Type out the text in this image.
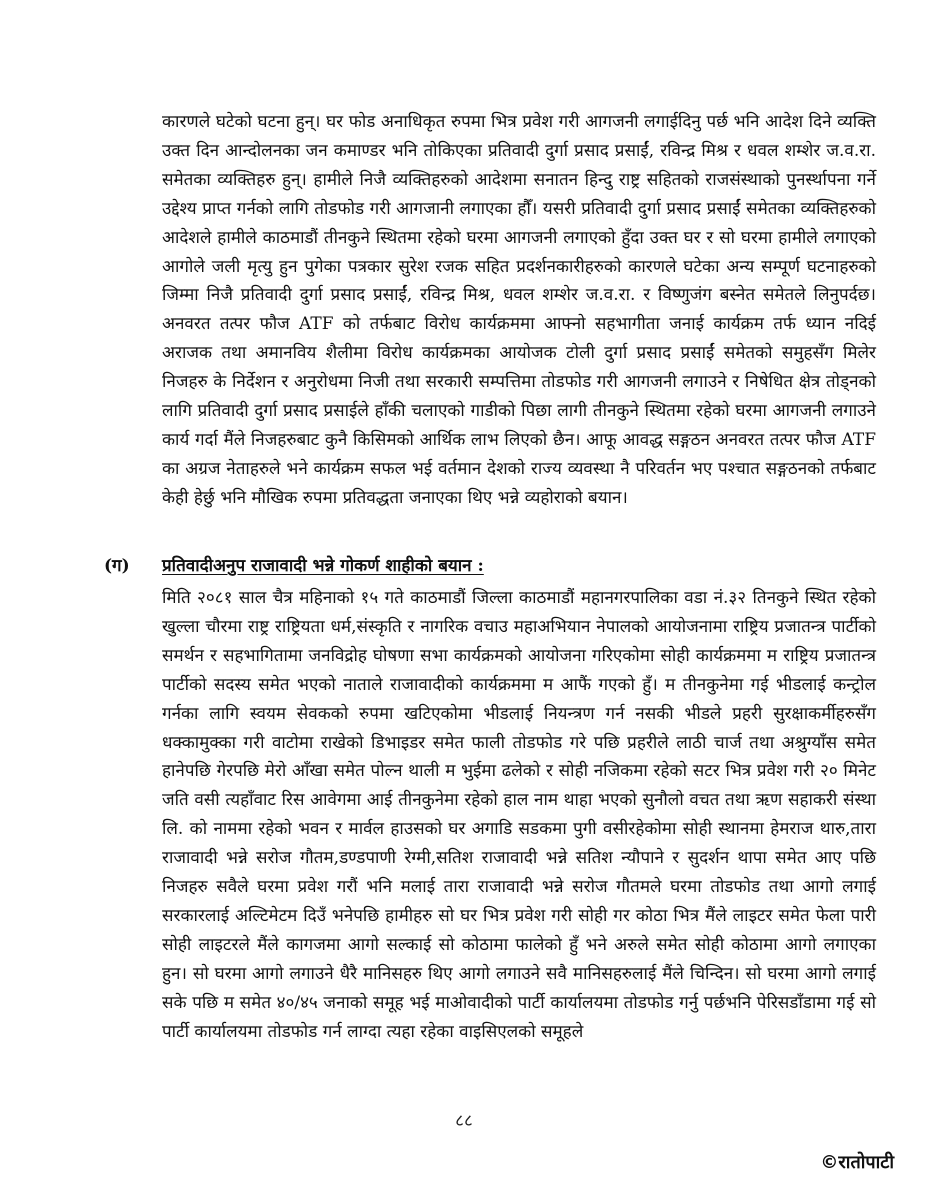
कारणले घटेको घटना हुन्। घर फोड अनाधिकृत रुपमा भित्र प्रवेश गरी आगजनी लगाईदिनु पर्छ भनि आदेश दिने व्यक्ति उक्त दिन आन्दोलनका जन कमाण्डर भनि तोकिएका प्रतिवादी दुर्गा प्रसाद प्रसाईं, रविन्द्र मिश्र र धवल शम्शेर ज.व.रा. समेतका व्यक्तिहरु हुन्। हामीले निजै व्यक्तिहरुको आदेशमा सनातन हिन्दु राष्ट्र सहितको राजसंस्थाको पुनर्स्थापना गर्ने उद्देश्य प्राप्त गर्नको लागि तोडफोड गरी आगजानी लगाएका हौँ। यसरी प्रतिवादी दुर्गा प्रसाद प्रसाईं समेतका व्यक्तिहरुको आदेशले हामीले काठमाडौं तीनकुने स्थितमा रहेको घरमा आगजनी लगाएको हुँदा उक्त घर र सो घरमा हामीले लगाएको आगोले जली मृत्यु हुन पुगेका पत्रकार सुरेश रजक सहित प्रदर्शनकारीहरुको कारणले घटेका अन्य सम्पूर्ण घटनाहरुको जिम्मा निजै प्रतिवादी दुर्गा प्रसाद प्रसाईं, रविन्द्र मिश्र, धवल शम्शेर ज.व.रा. र विष्णुजंग बस्नेत समेतले लिनुपर्दछ। अनवरत तत्पर फौज ATF को तर्फबाट विरोध कार्यक्रममा आफ्नो सहभागीता जनाई कार्यक्रम तर्फ ध्यान नदिई अराजक तथा अमानविय शैलीमा विरोध कार्यक्रमका आयोजक टोली दुर्गा प्रसाद प्रसाईं समेतको समुहसँग मिलेर निजहरु के निर्देशन र अनुरोधमा निजी तथा सरकारी सम्पत्तिमा तोडफोड गरी आगजनी लगाउने र निषेधित क्षेत्र तोड्नको लागि प्रतिवादी दुर्गा प्रसाद प्रसाईले हाँकी चलाएको गाडीको पिछा लागी तीनकुने स्थितमा रहेको घरमा आगजनी लगाउने कार्य गर्दा मैंले निजहरुबाट कुनै किसिमको आर्थिक लाभ लिएको छैन। आफू आवद्ध सङ्गठन अनवरत तत्पर फौज ATF का अग्रज नेताहरुले भने कार्यक्रम सफल भई वर्तमान देशको राज्य व्यवस्था नै परिवर्तन भए पश्चात सङ्गठनको तर्फबाट केही हेर्छु भनि मौखिक रुपमा प्रतिवद्धता जनाएका थिए भन्ने व्यहोराको बयान।

(ग) प्रतिवादीअनुप राजावादी भन्ने गोकर्ण शाहीको बयान :

मिति २०८१ साल चैत्र महिनाको १५ गते काठमाडौं जिल्ला काठमाडौं महानगरपालिका वडा नं.३२ तिनकुने स्थित रहेको खुल्ला चौरमा राष्ट्र राष्ट्रियता धर्म,संस्कृति र नागरिक वचाउ महाअभियान नेपालको आयोजनामा राष्ट्रिय प्रजातन्त्र पार्टीको समर्थन र सहभागितामा जनविद्रोह घोषणा सभा कार्यक्रमको आयोजना गरिएकोमा सोही कार्यक्रममा म राष्ट्रिय प्रजातन्त्र पार्टीको सदस्य समेत भएको नाताले राजावादीको कार्यक्रममा म आफैं गएको हुँ। म तीनकुनेमा गई भीडलाई कन्ट्रोल गर्नका लागि स्वयम सेवकको रुपमा खटिएकोमा भीडलाई नियन्त्रण गर्न नसकी भीडले प्रहरी सुरक्षाकर्मीहरुसँग धक्कामुक्का गरी वाटोमा राखेको डिभाइडर समेत फाली तोडफोड गरे पछि प्रहरीले लाठी चार्ज तथा अश्रुग्याँस समेत हानेपछि गेरपछि मेरो आँखा समेत पोल्न थाली म भुईमा ढलेको र सोही नजिकमा रहेको सटर भित्र प्रवेश गरी २० मिनेट जति वसी त्यहाँवाट रिस आवेगमा आई तीनकुनेमा रहेको हाल नाम थाहा भएको सुनौलो वचत तथा ऋण सहाकरी संस्था लि. को नाममा रहेको भवन र मार्वल हाउसको घर अगाडि सडकमा पुगी वसीरहेकोमा सोही स्थानमा हेमराज थारु,तारा राजावादी भन्ने सरोज गौतम,डण्डपाणी रेग्मी,सतिश राजावादी भन्ने सतिश न्यौपाने र सुदर्शन थापा समेत आए पछि निजहरु सवैले घरमा प्रवेश गरौं भनि मलाई तारा राजावादी भन्ने सरोज गौतमले घरमा तोडफोड तथा आगो लगाई सरकारलाई अल्टिमेटम दिउँ भनेपछि हामीहरु सो घर भित्र प्रवेश गरी सोही गर कोठा भित्र मैंले लाइटर समेत फेला पारी सोही लाइटरले मैंले कागजमा आगो सल्काई सो कोठामा फालेको हुँ भने अरुले समेत सोही कोठामा आगो लगाएका हुन। सो घरमा आगो लगाउने धैरै मानिसहरु थिए आगो लगाउने सवै मानिसहरुलाई मैंले चिन्दिन। सो घरमा आगो लगाई सके पछि म समेत ४०/४५ जनाको समूह भई माओवादीको पार्टी कार्यालयमा तोडफोड गर्नु पर्छभनि पेरिसडाँडामा गई सो पार्टी कार्यालयमा तोडफोड गर्न लाग्दा त्यहा रहेका वाइसिएलको समूहले

८८
©रातोपाटी
